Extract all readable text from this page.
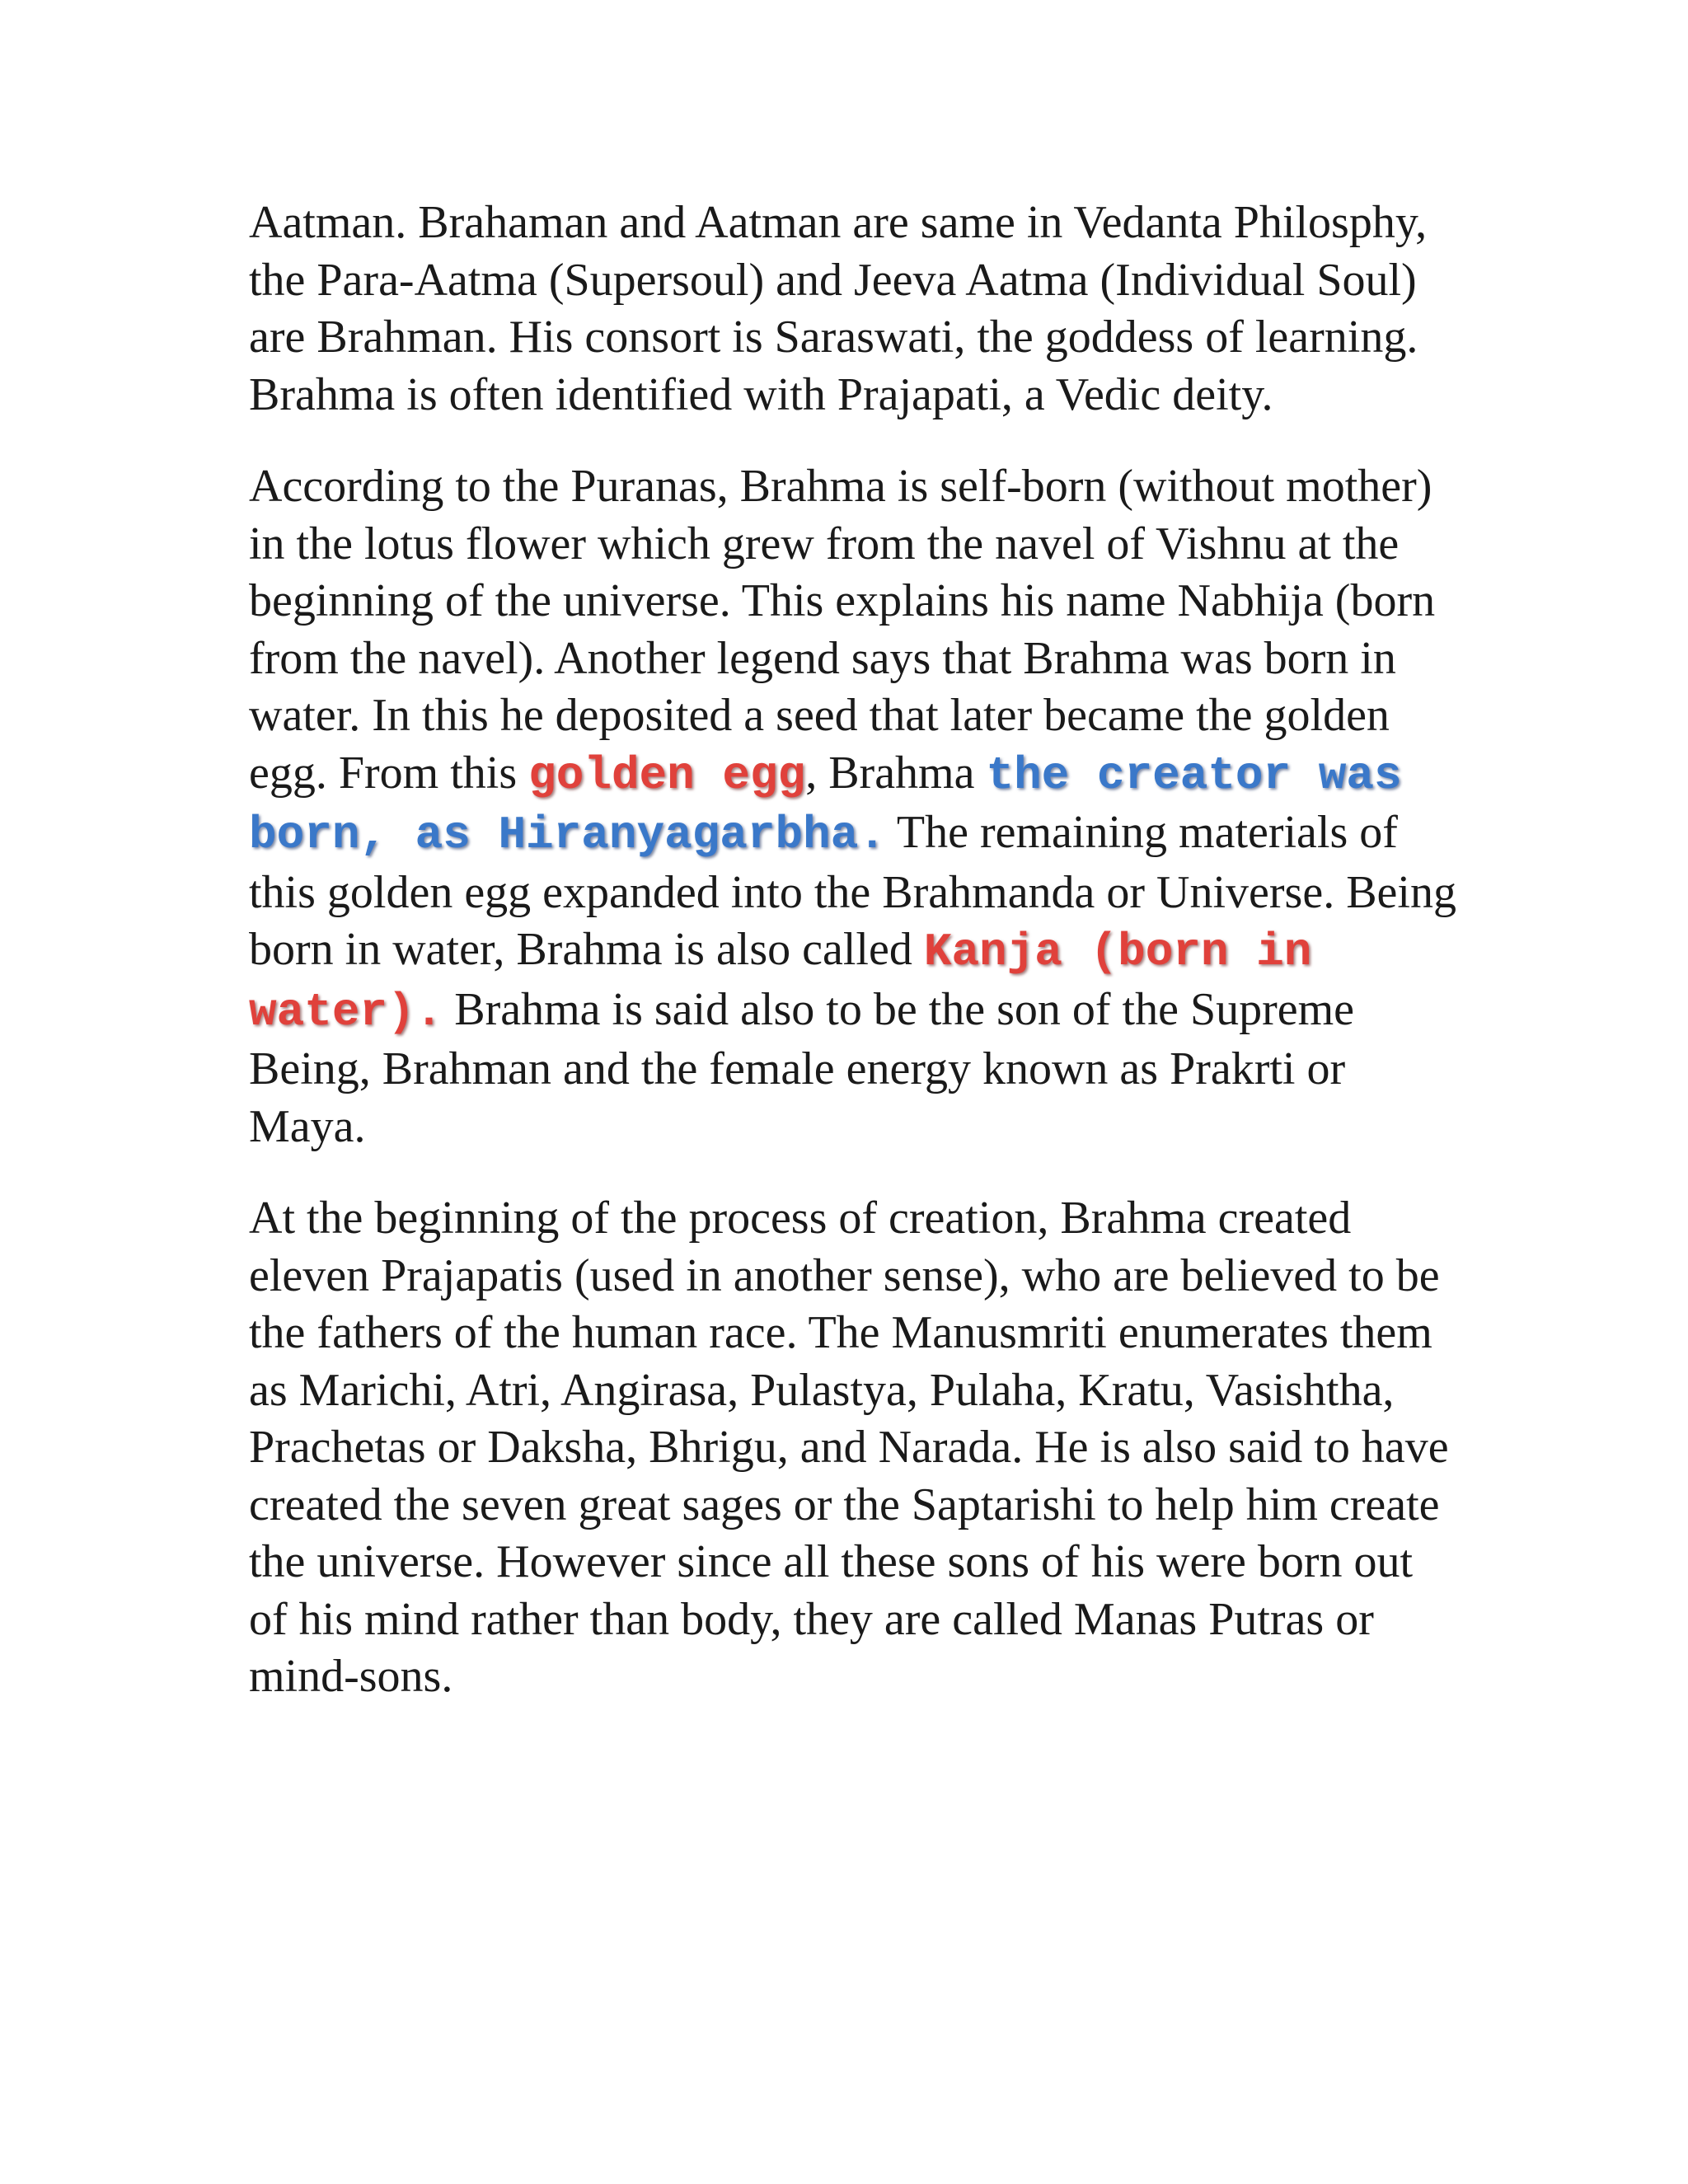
Aatman. Brahaman and Aatman are same in Vedanta Philosphy, the Para-Aatma (Supersoul) and Jeeva Aatma (Individual Soul) are Brahman. His consort is Saraswati, the goddess of learning. Brahma is often identified with Prajapati, a Vedic deity.

According to the Puranas, Brahma is self-born (without mother) in the lotus flower which grew from the navel of Vishnu at the beginning of the universe. This explains his name Nabhija (born from the navel). Another legend says that Brahma was born in water. In this he deposited a seed that later became the golden egg. From this golden egg, Brahma the creator was born, as Hiranyagarbha. The remaining materials of this golden egg expanded into the Brahmanda or Universe. Being born in water, Brahma is also called Kanja (born in water). Brahma is said also to be the son of the Supreme Being, Brahman and the female energy known as Prakrti or Maya.

At the beginning of the process of creation, Brahma created eleven Prajapatis (used in another sense), who are believed to be the fathers of the human race. The Manusmriti enumerates them as Marichi, Atri, Angirasa, Pulastya, Pulaha, Kratu, Vasishtha, Prachetas or Daksha, Bhrigu, and Narada. He is also said to have created the seven great sages or the Saptarishi to help him create the universe. However since all these sons of his were born out of his mind rather than body, they are called Manas Putras or mind-sons.
